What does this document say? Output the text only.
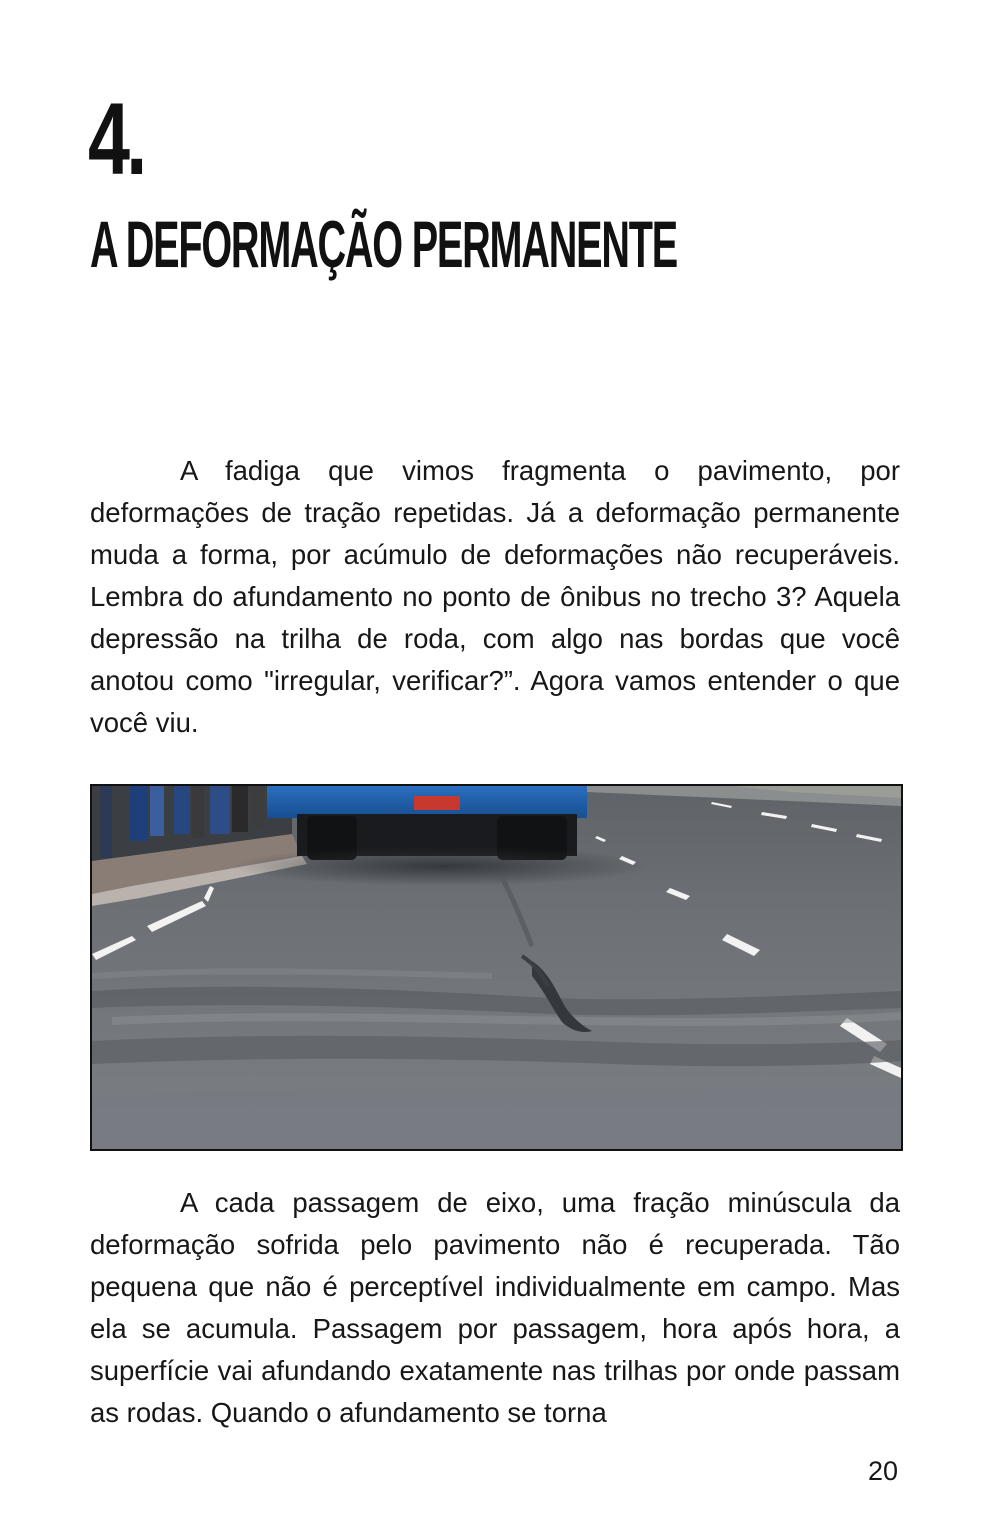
4.
A DEFORMAÇÃO PERMANENTE

A fadiga que vimos fragmenta o pavimento, por deformações de tração repetidas. Já a deformação permanente muda a forma, por acúmulo de deformações não recuperáveis. Lembra do afundamento no ponto de ônibus no trecho 3? Aquela depressão na trilha de roda, com algo nas bordas que você anotou como "irregular, verificar?”. Agora vamos entender o que você viu.

A cada passagem de eixo, uma fração minúscula da deformação sofrida pelo pavimento não é recuperada. Tão pequena que não é perceptível individualmente em campo. Mas ela se acumula. Passagem por passagem, hora após hora, a superfície vai afundando exatamente nas trilhas por onde passam as rodas. Quando o afundamento se torna

20
